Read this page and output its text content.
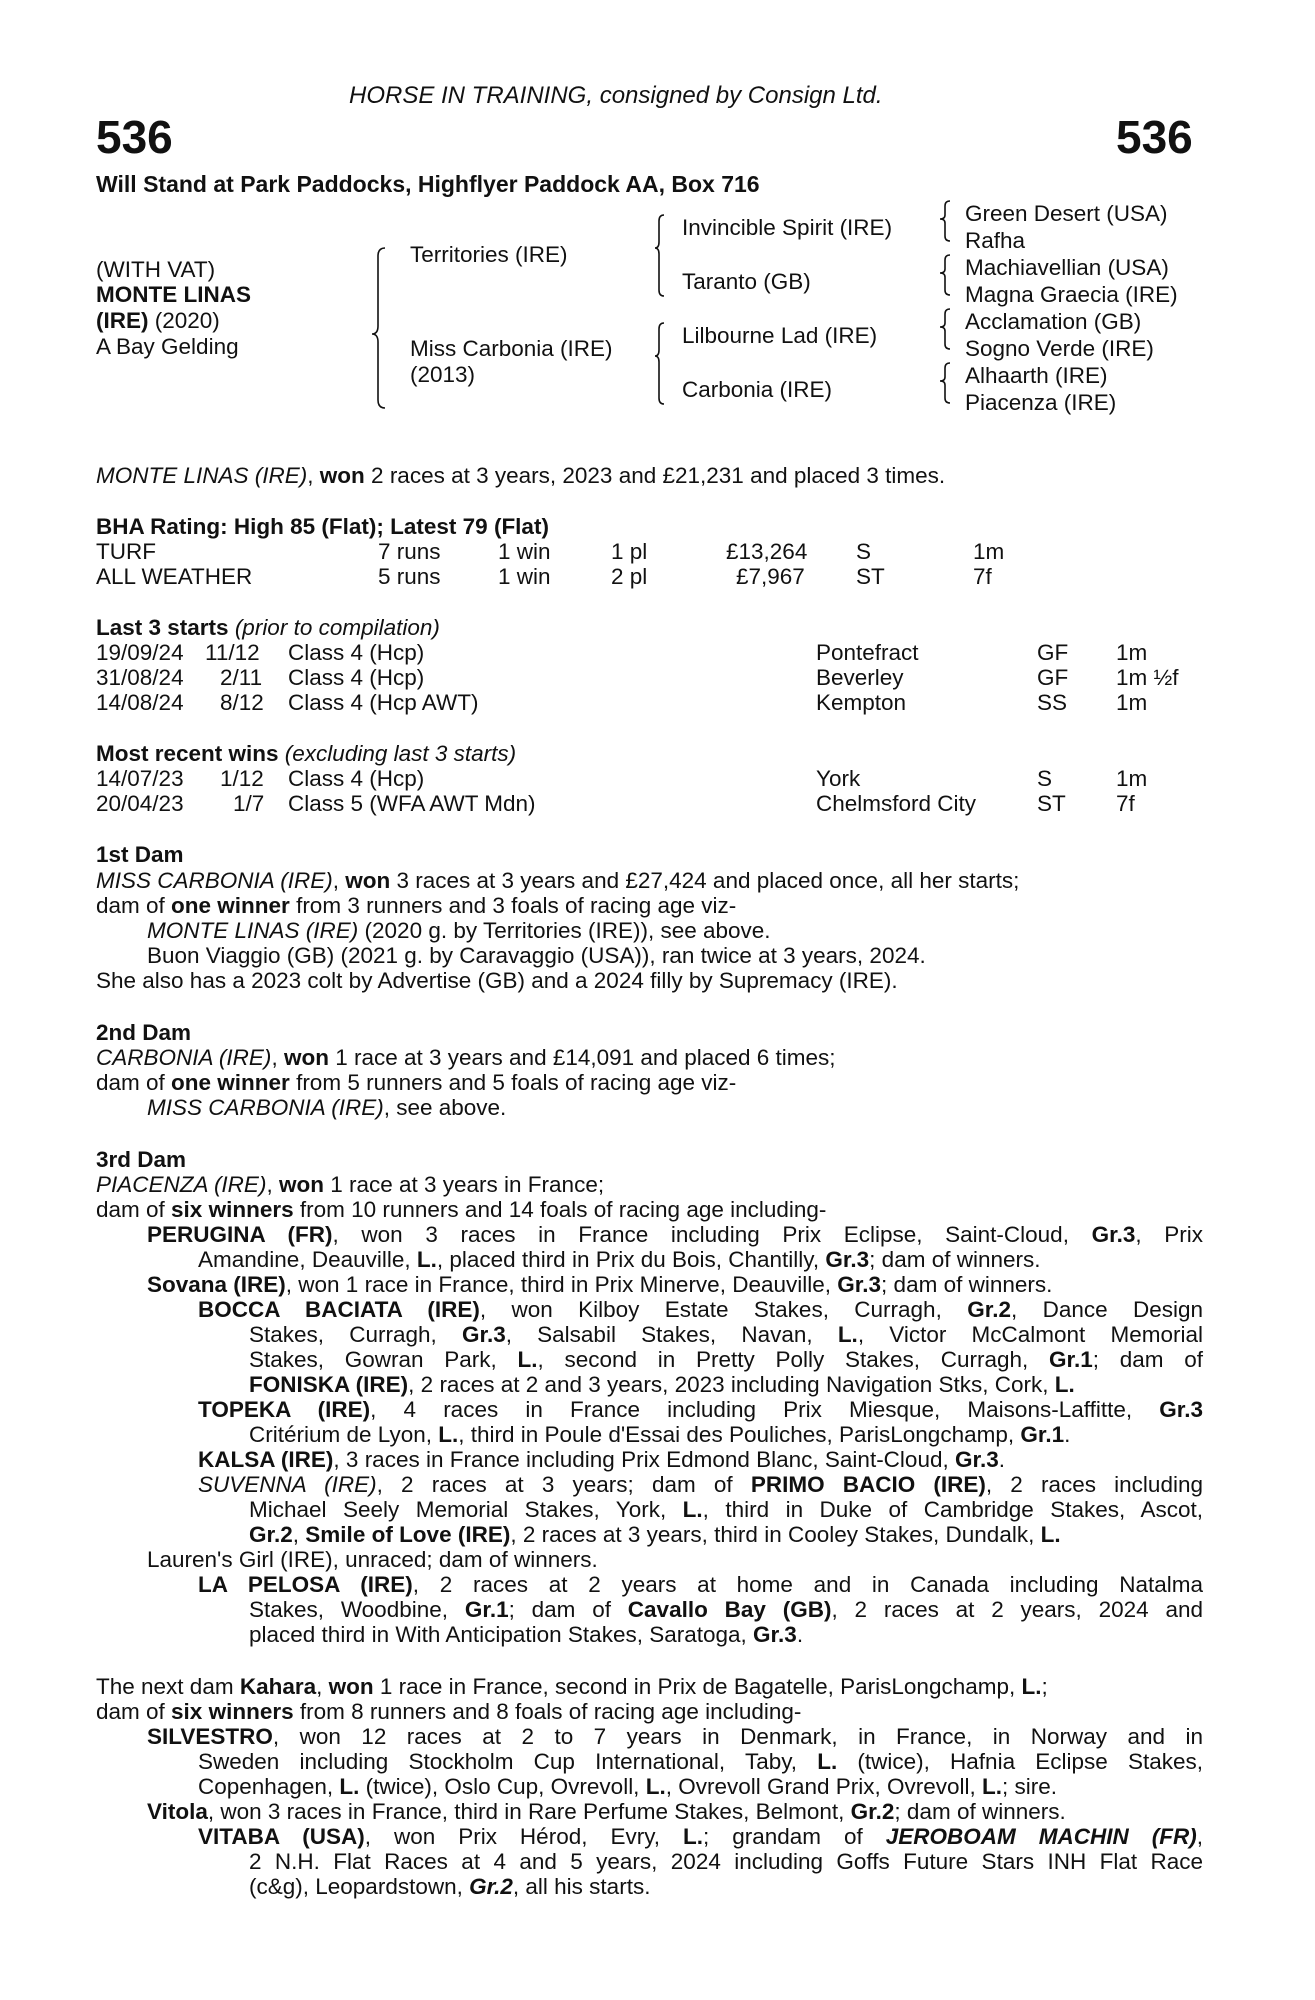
HORSE IN TRAINING, consigned by Consign Ltd.
536	536
Will Stand at Park Paddocks, Highflyer Paddock AA, Box 716
(WITH VAT)
MONTE LINAS
(IRE) (2020)
A Bay Gelding
Territories (IRE)
Miss Carbonia (IRE)
(2013)
Invincible Spirit (IRE)
Taranto (GB)
Lilbourne Lad (IRE)
Carbonia (IRE)
Green Desert (USA)
Rafha
Machiavellian (USA)
Magna Graecia (IRE)
Acclamation (GB)
Sogno Verde (IRE)
Alhaarth (IRE)
Piacenza (IRE)
MONTE LINAS (IRE), won 2 races at 3 years, 2023 and £21,231 and placed 3 times.
BHA Rating: High 85 (Flat); Latest 79 (Flat)
TURF	7 runs	1 win	1 pl	£13,264 S	1m
ALL WEATHER	5 runs	1 win	2 pl	£7,967 ST	7f
Last 3 starts (prior to compilation)
19/09/24 11/12 Class 4 (Hcp)	Pontefract	GF 1m
31/08/24 2/11 Class 4 (Hcp)	Beverley	GF 1m ½f
14/08/24 8/12 Class 4 (Hcp AWT)	Kempton	SS 1m
Most recent wins (excluding last 3 starts)
14/07/23 1/12 Class 4 (Hcp)	York	S	1m
20/04/23 1/7 Class 5 (WFA AWT Mdn)	Chelmsford City	ST 7f
1st Dam
MISS CARBONIA (IRE), won 3 races at 3 years and £27,424 and placed once, all her starts;
dam of one winner from 3 runners and 3 foals of racing age viz-
MONTE LINAS (IRE) (2020 g. by Territories (IRE)), see above.
Buon Viaggio (GB) (2021 g. by Caravaggio (USA)), ran twice at 3 years, 2024.
She also has a 2023 colt by Advertise (GB) and a 2024 filly by Supremacy (IRE).
2nd Dam
CARBONIA (IRE), won 1 race at 3 years and £14,091 and placed 6 times;
dam of one winner from 5 runners and 5 foals of racing age viz-
MISS CARBONIA (IRE), see above.
3rd Dam
PIACENZA (IRE), won 1 race at 3 years in France;
dam of six winners from 10 runners and 14 foals of racing age including-
PERUGINA (FR), won 3 races in France including Prix Eclipse, Saint-Cloud, Gr.3, Prix
Amandine, Deauville, L., placed third in Prix du Bois, Chantilly, Gr.3; dam of winners.
Sovana (IRE), won 1 race in France, third in Prix Minerve, Deauville, Gr.3; dam of winners.
BOCCA BACIATA (IRE), won Kilboy Estate Stakes, Curragh, Gr.2, Dance Design
Stakes, Curragh, Gr.3, Salsabil Stakes, Navan, L., Victor McCalmont Memorial
Stakes, Gowran Park, L., second in Pretty Polly Stakes, Curragh, Gr.1; dam of
FONISKA (IRE), 2 races at 2 and 3 years, 2023 including Navigation Stks, Cork, L.
TOPEKA (IRE), 4 races in France including Prix Miesque, Maisons-Laffitte, Gr.3
Critérium de Lyon, L., third in Poule d'Essai des Pouliches, ParisLongchamp, Gr.1.
KALSA (IRE), 3 races in France including Prix Edmond Blanc, Saint-Cloud, Gr.3.
SUVENNA (IRE), 2 races at 3 years; dam of PRIMO BACIO (IRE), 2 races including
Michael Seely Memorial Stakes, York, L., third in Duke of Cambridge Stakes, Ascot,
Gr.2, Smile of Love (IRE), 2 races at 3 years, third in Cooley Stakes, Dundalk, L.
Lauren's Girl (IRE), unraced; dam of winners.
LA PELOSA (IRE), 2 races at 2 years at home and in Canada including Natalma
Stakes, Woodbine, Gr.1; dam of Cavallo Bay (GB), 2 races at 2 years, 2024 and
placed third in With Anticipation Stakes, Saratoga, Gr.3.
The next dam Kahara, won 1 race in France, second in Prix de Bagatelle, ParisLongchamp, L.;
dam of six winners from 8 runners and 8 foals of racing age including-
SILVESTRO, won 12 races at 2 to 7 years in Denmark, in France, in Norway and in
Sweden including Stockholm Cup International, Taby, L. (twice), Hafnia Eclipse Stakes,
Copenhagen, L. (twice), Oslo Cup, Ovrevoll, L., Ovrevoll Grand Prix, Ovrevoll, L.; sire.
Vitola, won 3 races in France, third in Rare Perfume Stakes, Belmont, Gr.2; dam of winners.
VITABA (USA), won Prix Hérod, Evry, L.; grandam of JEROBOAM MACHIN (FR),
2 N.H. Flat Races at 4 and 5 years, 2024 including Goffs Future Stars INH Flat Race
(c&g), Leopardstown, Gr.2, all his starts.
